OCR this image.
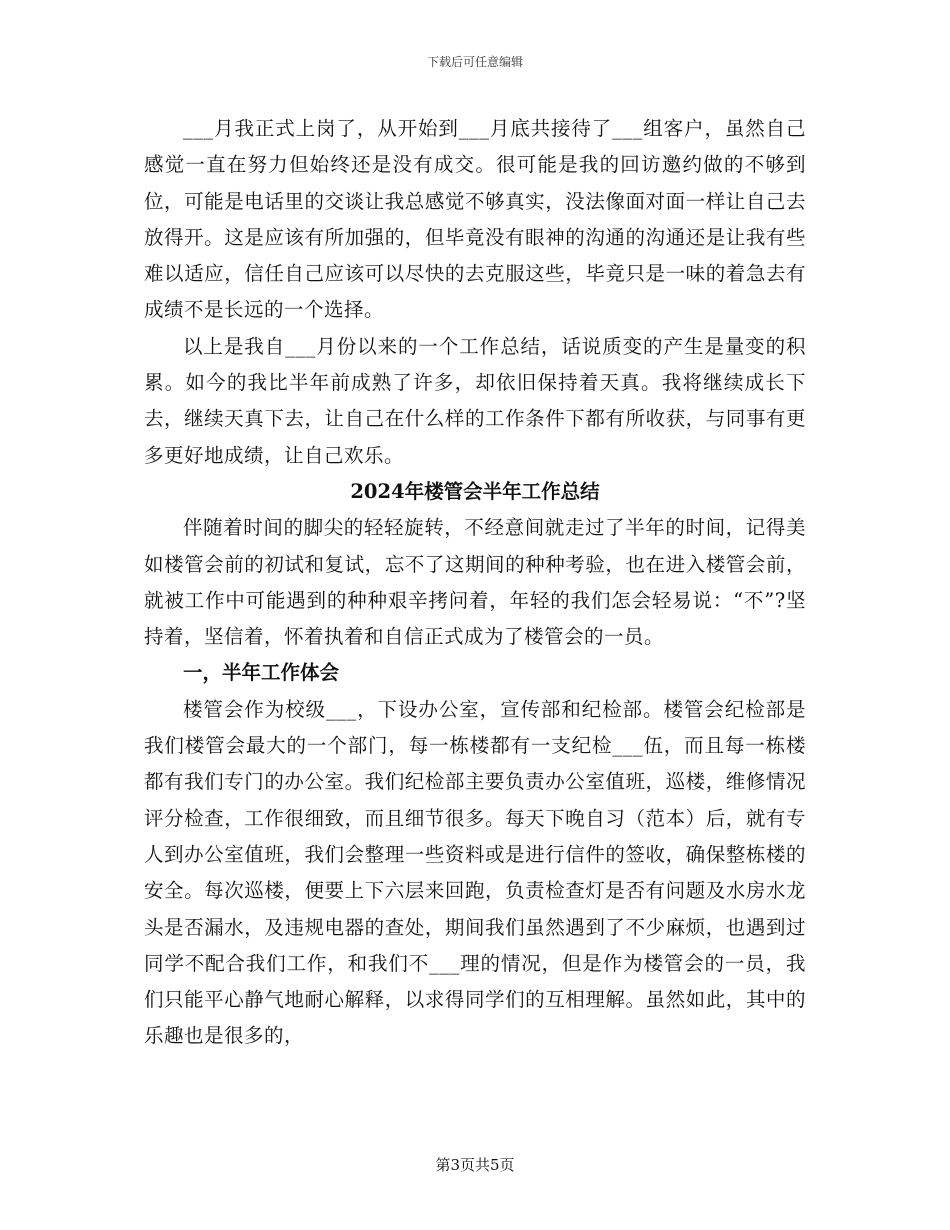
下载后可任意编辑

___月我正式上岗了，从开始到___月底共接待了___组客户，虽然自己感觉一直在努力但始终还是没有成交。很可能是我的回访邀约做的不够到位，可能是电话里的交谈让我总感觉不够真实，没法像面对面一样让自己去放得开。这是应该有所加强的，但毕竟没有眼神的沟通的沟通还是让我有些难以适应，信任自己应该可以尽快的去克服这些，毕竟只是一味的着急去有成绩不是长远的一个选择。

以上是我自___月份以来的一个工作总结，话说质变的产生是量变的积累。如今的我比半年前成熟了许多，却依旧保持着天真。我将继续成长下去，继续天真下去，让自己在什么样的工作条件下都有所收获，与同事有更多更好地成绩，让自己欢乐。

2024年楼管会半年工作总结

伴随着时间的脚尖的轻轻旋转，不经意间就走过了半年的时间，记得美如楼管会前的初试和复试，忘不了这期间的种种考验，也在进入楼管会前，就被工作中可能遇到的种种艰辛拷问着，年轻的我们怎会轻易说：“不”?坚持着，坚信着，怀着执着和自信正式成为了楼管会的一员。

一，半年工作体会

楼管会作为校级___，下设办公室，宣传部和纪检部。楼管会纪检部是我们楼管会最大的一个部门，每一栋楼都有一支纪检___伍，而且每一栋楼都有我们专门的办公室。我们纪检部主要负责办公室值班，巡楼，维修情况评分检查，工作很细致，而且细节很多。每天下晚自习（范本）后，就有专人到办公室值班，我们会整理一些资料或是进行信件的签收，确保整栋楼的安全。每次巡楼，便要上下六层来回跑，负责检查灯是否有问题及水房水龙头是否漏水，及违规电器的查处，期间我们虽然遇到了不少麻烦，也遇到过同学不配合我们工作，和我们不___理的情况，但是作为楼管会的一员，我们只能平心静气地耐心解释，以求得同学们的互相理解。虽然如此，其中的乐趣也是很多的，

第3页共5页
